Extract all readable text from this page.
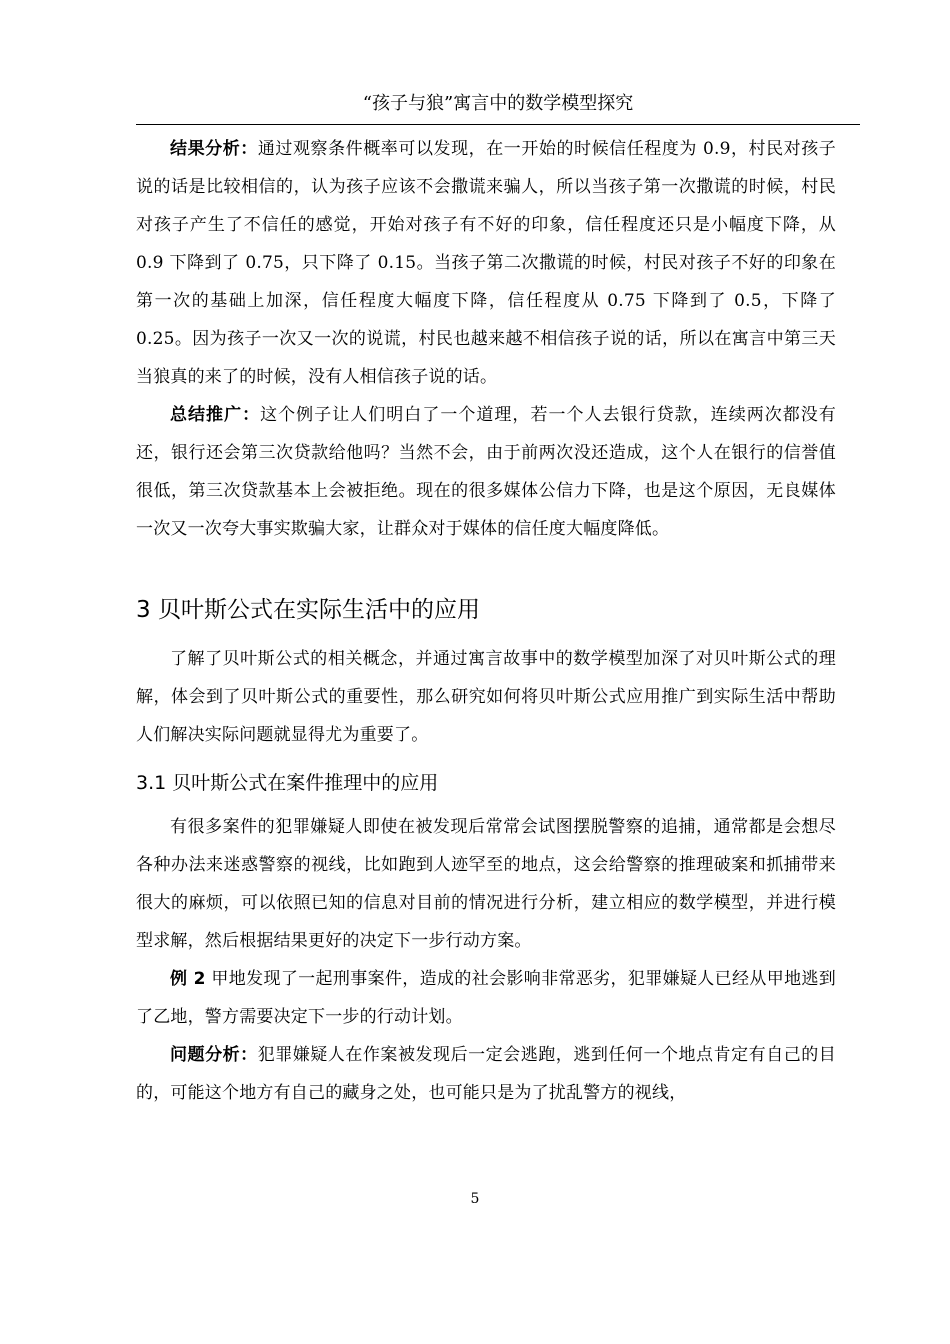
“孩子与狼”寓言中的数学模型探究

结果分析：通过观察条件概率可以发现，在一开始的时候信任程度为 0.9，村民对孩子说的话是比较相信的，认为孩子应该不会撒谎来骗人，所以当孩子第一次撒谎的时候，村民对孩子产生了不信任的感觉，开始对孩子有不好的印象，信任程度还只是小幅度下降，从 0.9 下降到了 0.75，只下降了 0.15。当孩子第二次撒谎的时候，村民对孩子不好的印象在第一次的基础上加深，信任程度大幅度下降，信任程度从 0.75 下降到了 0.5，下降了 0.25。因为孩子一次又一次的说谎，村民也越来越不相信孩子说的话，所以在寓言中第三天当狼真的来了的时候，没有人相信孩子说的话。

总结推广：这个例子让人们明白了一个道理，若一个人去银行贷款，连续两次都没有还，银行还会第三次贷款给他吗？当然不会，由于前两次没还造成，这个人在银行的信誉值很低，第三次贷款基本上会被拒绝。现在的很多媒体公信力下降，也是这个原因，无良媒体一次又一次夸大事实欺骗大家，让群众对于媒体的信任度大幅度降低。

3 贝叶斯公式在实际生活中的应用

了解了贝叶斯公式的相关概念，并通过寓言故事中的数学模型加深了对贝叶斯公式的理解，体会到了贝叶斯公式的重要性，那么研究如何将贝叶斯公式应用推广到实际生活中帮助人们解决实际问题就显得尤为重要了。

3.1 贝叶斯公式在案件推理中的应用

有很多案件的犯罪嫌疑人即使在被发现后常常会试图摆脱警察的追捕，通常都是会想尽各种办法来迷惑警察的视线，比如跑到人迹罕至的地点，这会给警察的推理破案和抓捕带来很大的麻烦，可以依照已知的信息对目前的情况进行分析，建立相应的数学模型，并进行模型求解，然后根据结果更好的决定下一步行动方案。

例 2 甲地发现了一起刑事案件，造成的社会影响非常恶劣，犯罪嫌疑人已经从甲地逃到了乙地，警方需要决定下一步的行动计划。

问题分析：犯罪嫌疑人在作案被发现后一定会逃跑，逃到任何一个地点肯定有自己的目的，可能这个地方有自己的藏身之处，也可能只是为了扰乱警方的视线，

5
